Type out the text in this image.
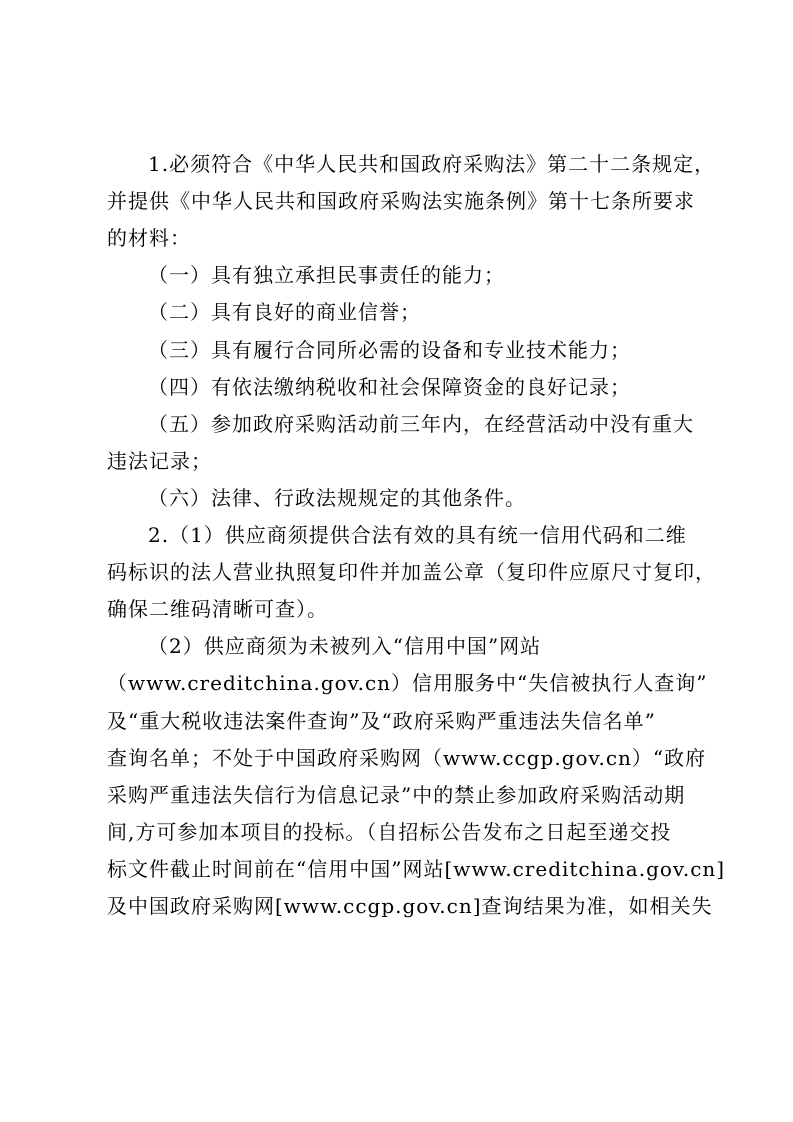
1.必须符合《中华人民共和国政府采购法》第二十二条规定，
并提供《中华人民共和国政府采购法实施条例》第十七条所要求
的材料：
（一）具有独立承担民事责任的能力；
（二）具有良好的商业信誉；
（三）具有履行合同所必需的设备和专业技术能力；
（四）有依法缴纳税收和社会保障资金的良好记录；
（五）参加政府采购活动前三年内，在经营活动中没有重大
违法记录；
（六）法律、行政法规规定的其他条件。
2.（1）供应商须提供合法有效的具有统一信用代码和二维
码标识的法人营业执照复印件并加盖公章（复印件应原尺寸复印，
确保二维码清晰可查）。
（2）供应商须为未被列入“信用中国”网站
（www.creditchina.gov.cn）信用服务中“失信被执行人查询”
及“重大税收违法案件查询”及“政府采购严重违法失信名单”
查询名单；不处于中国政府采购网（www.ccgp.gov.cn）“政府
采购严重违法失信行为信息记录”中的禁止参加政府采购活动期
间,方可参加本项目的投标。（自招标公告发布之日起至递交投
标文件截止时间前在“信用中国”网站[www.creditchina.gov.cn]
及中国政府采购网[www.ccgp.gov.cn]查询结果为准，如相关失
